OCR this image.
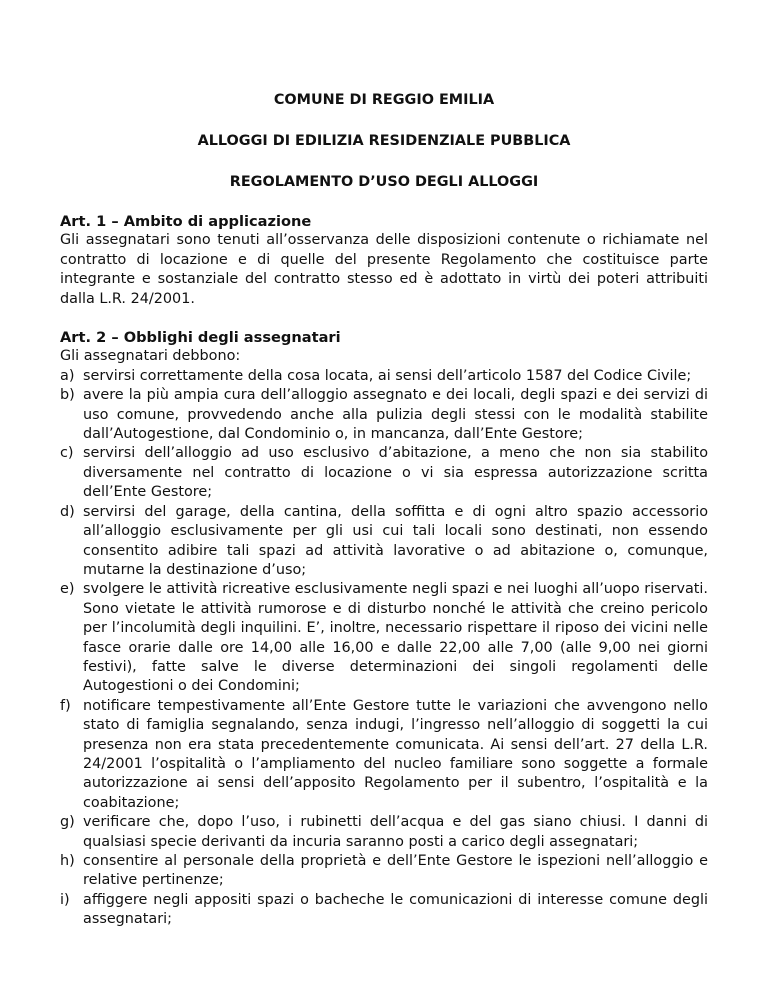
COMUNE DI REGGIO EMILIA
ALLOGGI DI EDILIZIA RESIDENZIALE PUBBLICA
REGOLAMENTO D’USO DEGLI ALLOGGI
Art. 1 – Ambito di applicazione

Gli assegnatari sono tenuti all’osservanza delle disposizioni contenute o richiamate nel contratto di locazione e di quelle del presente Regolamento che costituisce parte integrante e sostanziale del contratto stesso ed è adottato in virtù dei poteri attribuiti dalla L.R. 24/2001.

Art. 2 – Obblighi degli assegnatari
Gli assegnatari debbono:
a) servirsi correttamente della cosa locata, ai sensi dell’articolo 1587 del Codice Civile;
b) avere la più ampia cura dell’alloggio assegnato e dei locali, degli spazi e dei servizi di uso comune, provvedendo anche alla pulizia degli stessi con le modalità stabilite dall’Autogestione, dal Condominio o, in mancanza, dall’Ente Gestore;
c) servirsi dell’alloggio ad uso esclusivo d’abitazione, a meno che non sia stabilito diversamente nel contratto di locazione o vi sia espressa autorizzazione scritta dell’Ente Gestore;
d) servirsi del garage, della cantina, della soffitta e di ogni altro spazio accessorio all’alloggio esclusivamente per gli usi cui tali locali sono destinati, non essendo consentito adibire tali spazi ad attività lavorative o ad abitazione o, comunque, mutarne la destinazione d’uso;
e) svolgere le attività ricreative esclusivamente negli spazi e nei luoghi all’uopo riservati. Sono vietate le attività rumorose e di disturbo nonché le attività che creino pericolo per l’incolumità degli inquilini. E’, inoltre, necessario rispettare il riposo dei vicini nelle fasce orarie dalle ore 14,00 alle 16,00 e dalle 22,00 alle 7,00 (alle 9,00 nei giorni festivi), fatte salve le diverse determinazioni dei singoli regolamenti delle Autogestioni o dei Condomini;
f) notificare tempestivamente all’Ente Gestore tutte le variazioni che avvengono nello stato di famiglia segnalando, senza indugi, l’ingresso nell’alloggio di soggetti la cui presenza non era stata precedentemente comunicata. Ai sensi dell’art. 27 della L.R. 24/2001 l’ospitalità o l’ampliamento del nucleo familiare sono soggette a formale autorizzazione ai sensi dell’apposito Regolamento per il subentro, l’ospitalità e la coabitazione;
g) verificare che, dopo l’uso, i rubinetti dell’acqua e del gas siano chiusi. I danni di qualsiasi specie derivanti da incuria saranno posti a carico degli assegnatari;
h) consentire al personale della proprietà e dell’Ente Gestore le ispezioni nell’alloggio e relative pertinenze;
i) affiggere negli appositi spazi o bacheche le comunicazioni di interesse comune degli assegnatari;
